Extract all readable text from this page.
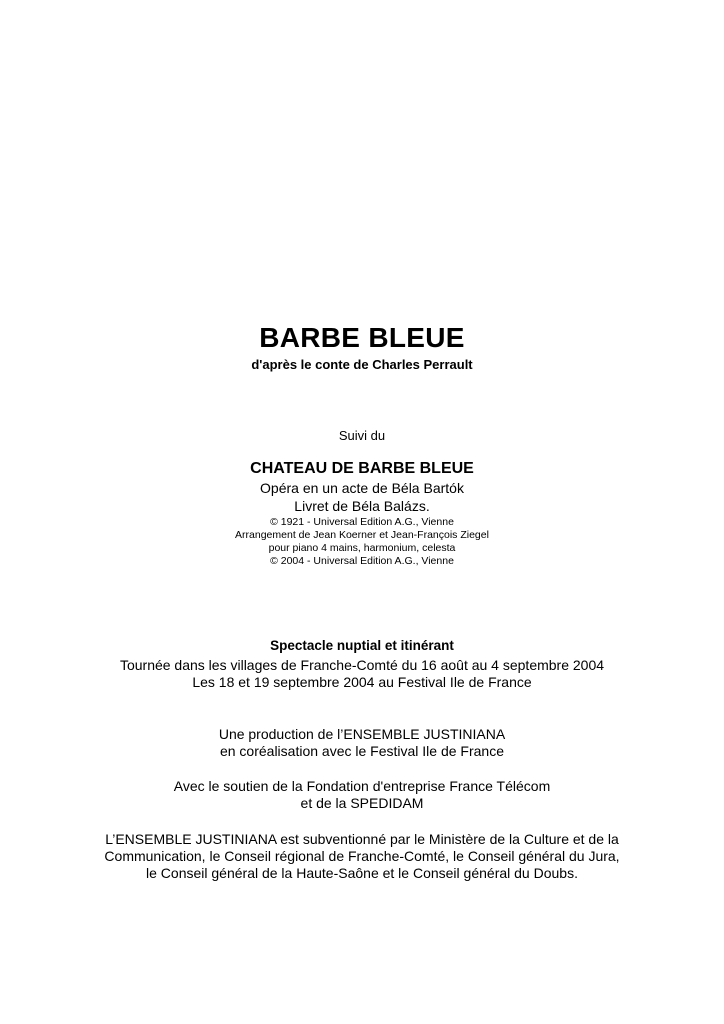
BARBE BLEUE
d'après le conte de Charles Perrault
Suivi du
CHATEAU DE BARBE BLEUE
Opéra en un acte de Béla Bartók
Livret de Béla Balázs.
© 1921 - Universal Edition A.G., Vienne
Arrangement de Jean Koerner et Jean-François Ziegel
pour piano 4 mains, harmonium, celesta
© 2004 - Universal Edition A.G., Vienne
Spectacle nuptial et itinérant
Tournée dans les villages de Franche-Comté du 16 août au 4 septembre 2004
Les 18 et 19 septembre 2004 au Festival Ile de France
Une production de l’ENSEMBLE JUSTINIANA
en coréalisation avec le Festival Ile de France
Avec le soutien de la Fondation d'entreprise France Télécom
et de la SPEDIDAM
L’ENSEMBLE JUSTINIANA est subventionné par le Ministère de la Culture et de la
Communication, le Conseil régional de Franche-Comté, le Conseil général du Jura,
le Conseil général de la Haute-Saône et le Conseil général du Doubs.
